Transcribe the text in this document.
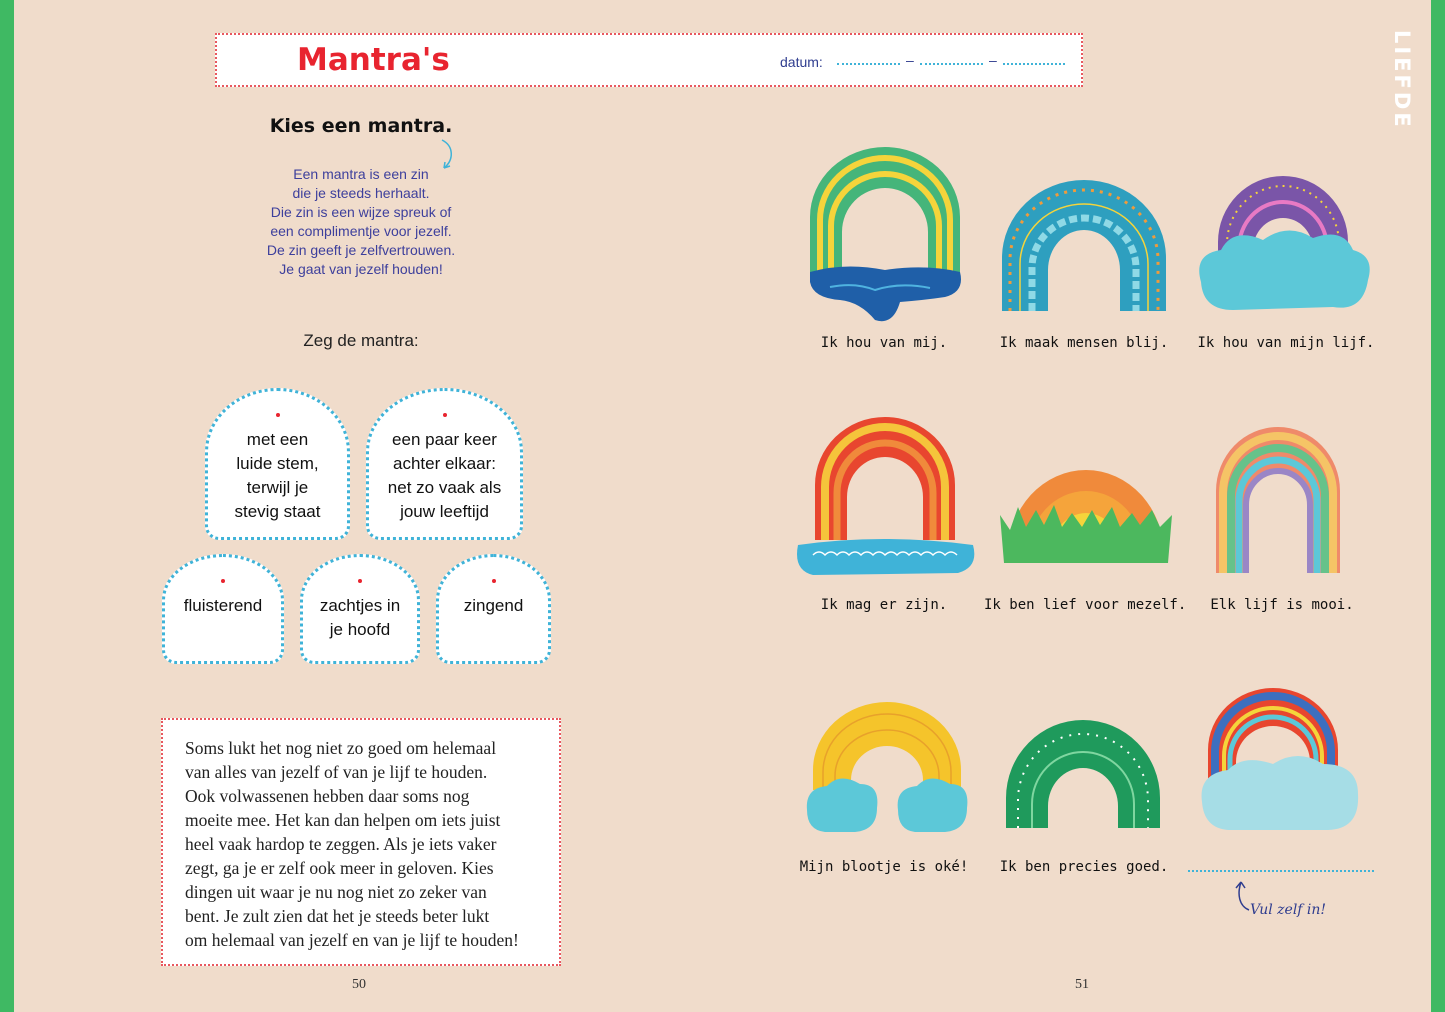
Mantra's	datum:	–	–	LIEFDE
Kies een mantra.
Een mantra is een zin
die je steeds herhaalt.
Die zin is een wijze spreuk of
een complimentje voor jezelf.
De zin geeft je zelfvertrouwen.
Je gaat van jezelf houden!
Zeg de mantra:
met een
luide stem,
terwijl je
stevig staat
een paar keer
achter elkaar:
net zo vaak als
jouw leeftijd
fluisterend	zachtjes in
je hoofd
zingend
Soms lukt het nog niet zo goed om helemaal
van alles van jezelf of van je lijf te houden.
Ook volwassenen hebben daar soms nog
moeite mee. Het kan dan helpen om iets juist
heel vaak hardop te zeggen. Als je iets vaker
zegt, ga je er zelf ook meer in geloven. Kies
dingen uit waar je nu nog niet zo zeker van
bent. Je zult zien dat het je steeds beter lukt
om helemaal van jezelf en van je lijf te houden!
50
Ik hou van mij.	Ik maak mensen blij.	Ik hou van mijn lijf.
Ik mag er zijn.	Ik ben lief voor mezelf.	Elk lijf is mooi.
Mijn blootje is oké!	Ik ben precies goed.
Vul zelf in!
51
